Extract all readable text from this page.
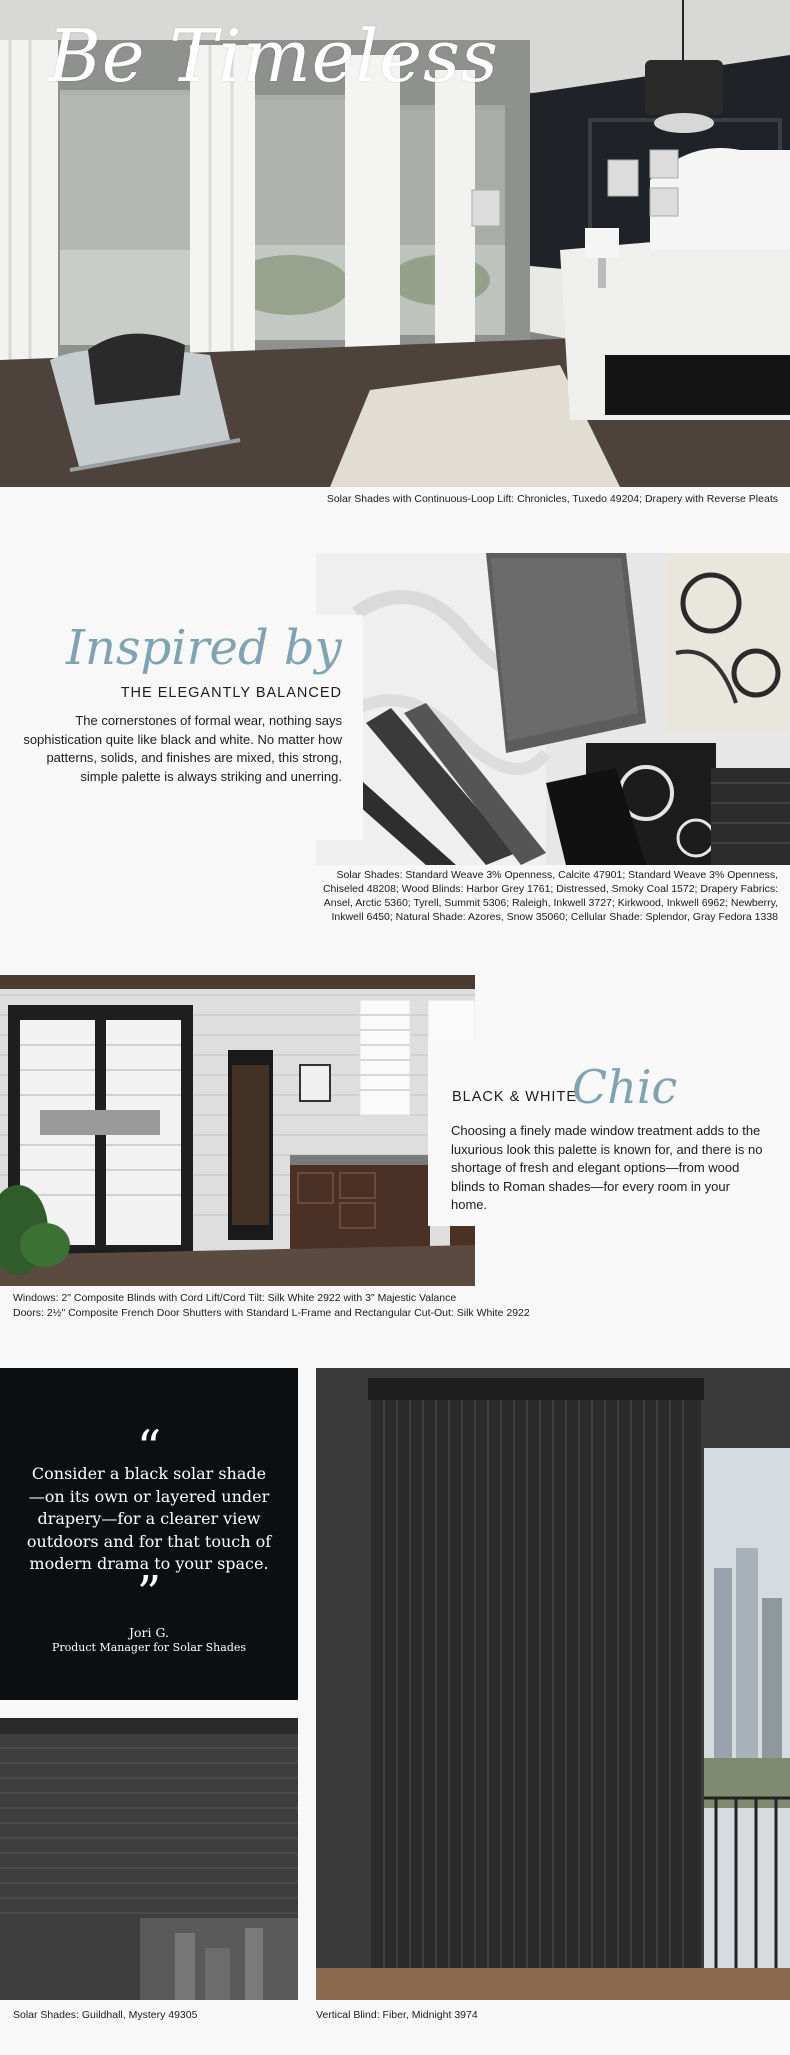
Be Timeless
Solar Shades with Continuous-Loop Lift: Chronicles, Tuxedo 49204; Drapery with Reverse Pleats
Inspired by
THE ELEGANTLY BALANCED
The cornerstones of formal wear, nothing says sophistication quite like black and white. No matter how patterns, solids, and finishes are mixed, this strong, simple palette is always striking and unerring.
Solar Shades: Standard Weave 3% Openness, Calcite 47901; Standard Weave 3% Openness, Chiseled 48208; Wood Blinds: Harbor Grey 1761; Distressed, Smoky Coal 1572; Drapery Fabrics: Ansel, Arctic 5360; Tyrell, Summit 5306; Raleigh, Inkwell 3727; Kirkwood, Inkwell 6962; Newberry, Inkwell 6450; Natural Shade: Azores, Snow 35060; Cellular Shade: Splendor, Gray Fedora 1338
BLACK & WHITE
Chic
Choosing a finely made window treatment adds to the luxurious look this palette is known for, and there is no shortage of fresh and elegant options—from wood blinds to Roman shades—for every room in your home.
Windows: 2" Composite Blinds with Cord Lift/Cord Tilt: Silk White 2922 with 3" Majestic Valance
Doors: 2½" Composite French Door Shutters with Standard L-Frame and Rectangular Cut-Out: Silk White 2922
“
Consider a black solar shade—on its own or layered under drapery—for a clearer view outdoors and for that touch of modern drama to your space.
”
Jori G.
Product Manager for Solar Shades
Solar Shades: Guildhall, Mystery 49305	Vertical Blind: Fiber, Midnight 3974
